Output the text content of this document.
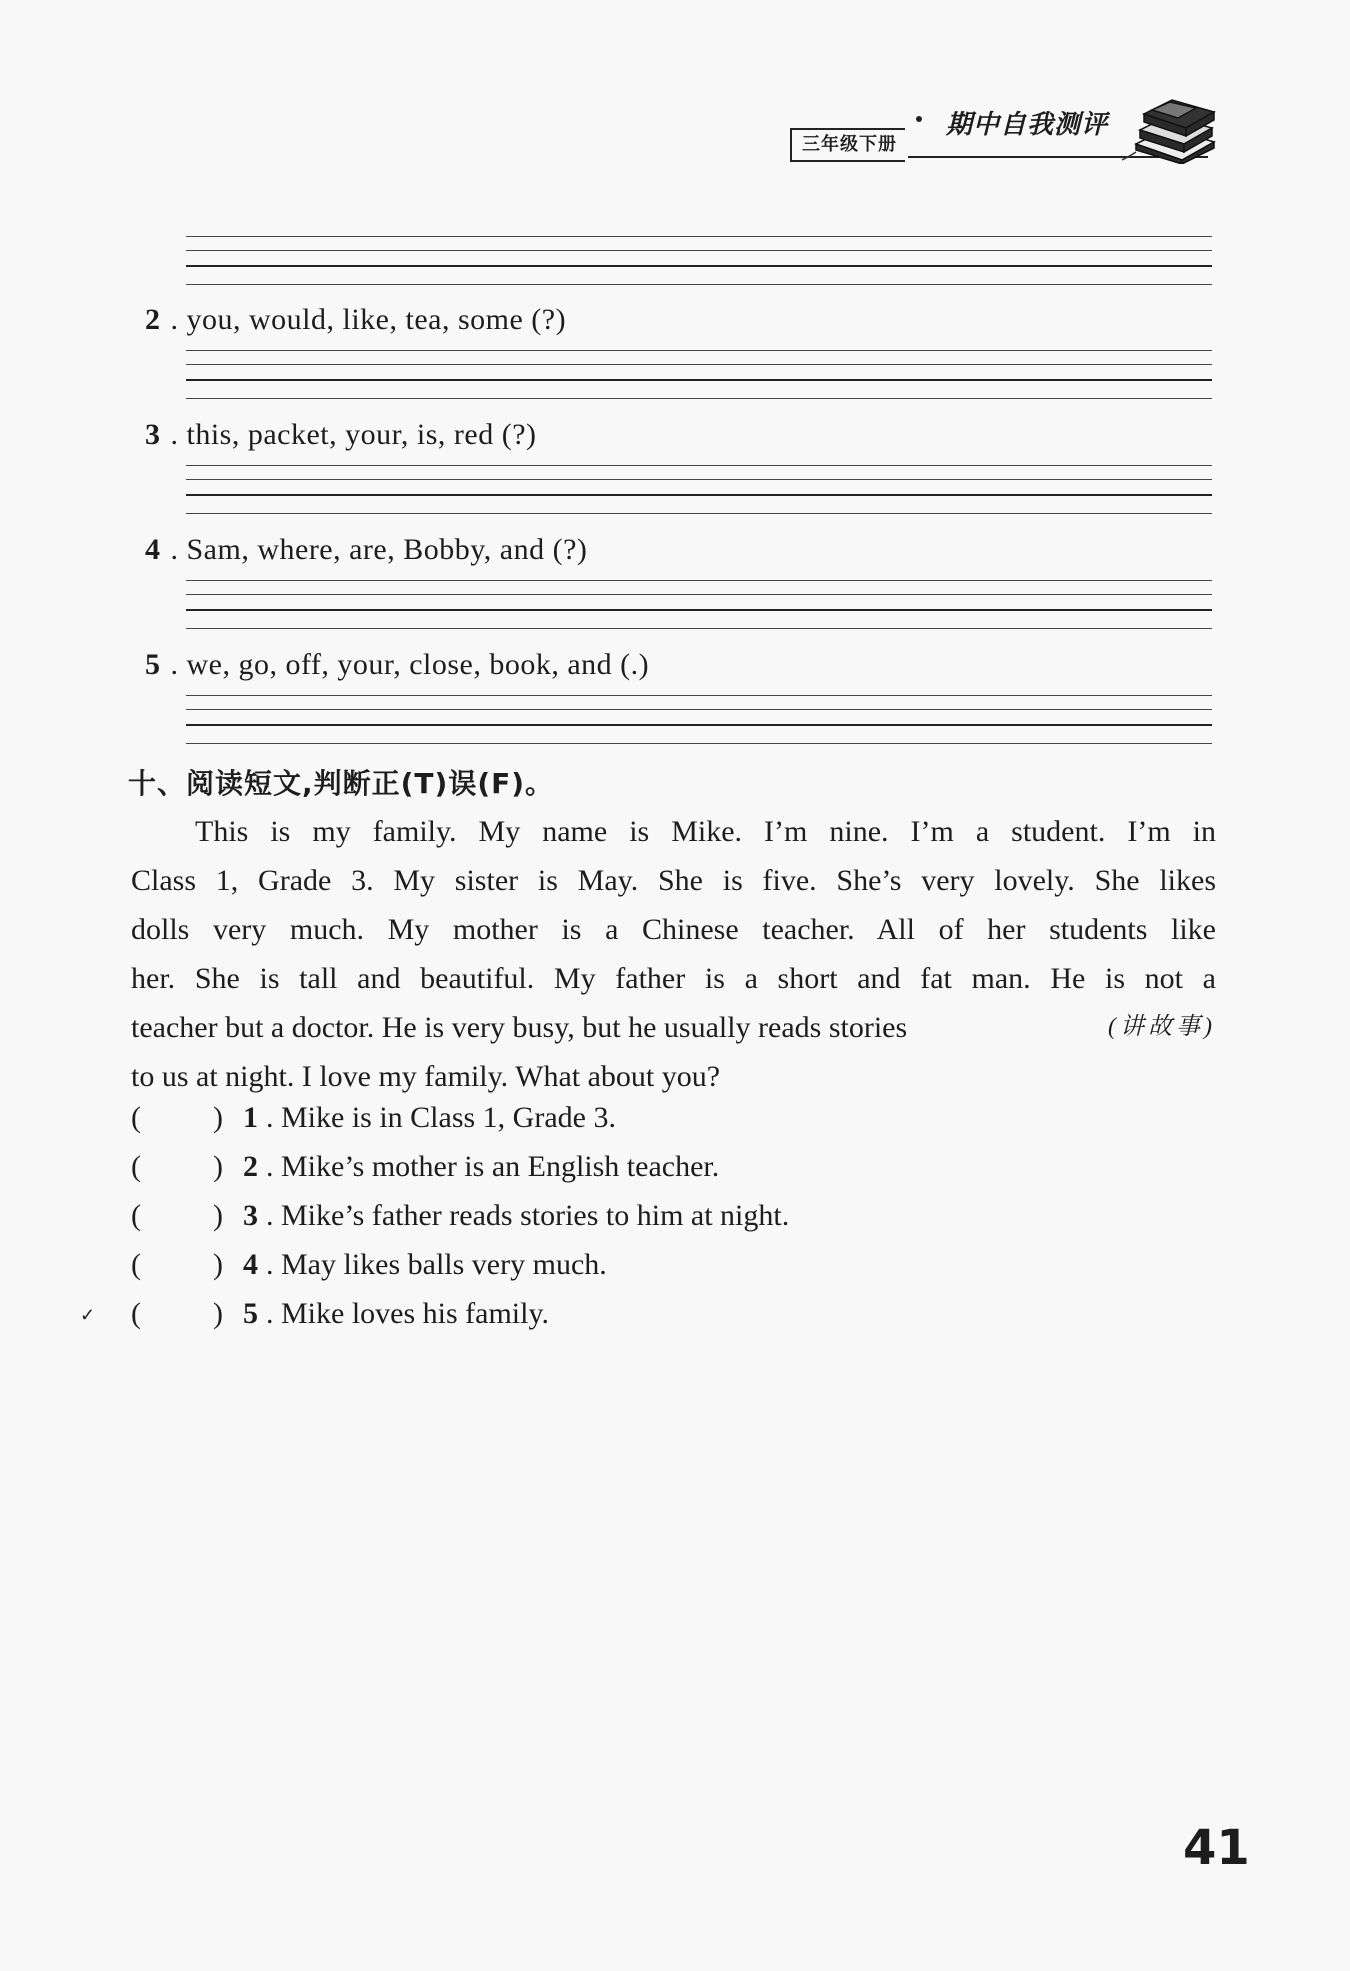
三年级下册
期中自我测评
2 . you, would, like, tea, some (?)
3 . this, packet, your, is, red (?)
4 . Sam, where, are, Bobby, and (?)
5 . we, go, off, your, close, book, and (.)
十、阅读短文,判断正(T)误(F)。
This is my family. My name is Mike. I’m nine. I’m a student. I’m in
Class 1, Grade 3. My sister is May. She is five. She’s very lovely. She likes
dolls very much. My mother is a Chinese teacher. All of her students like
her. She is tall and beautiful. My father is a short and fat man. He is not a
teacher but a doctor. He is very busy, but he usually reads stories	(讲故事)
to us at night. I love my family. What about you?
( ) 1 . Mike is in Class 1, Grade 3.
( ) 2 . Mike’s mother is an English teacher.
( ) 3 . Mike’s father reads stories to him at night.
( ) 4 . May likes balls very much.
( ) 5 . Mike loves his family.
✓
41
